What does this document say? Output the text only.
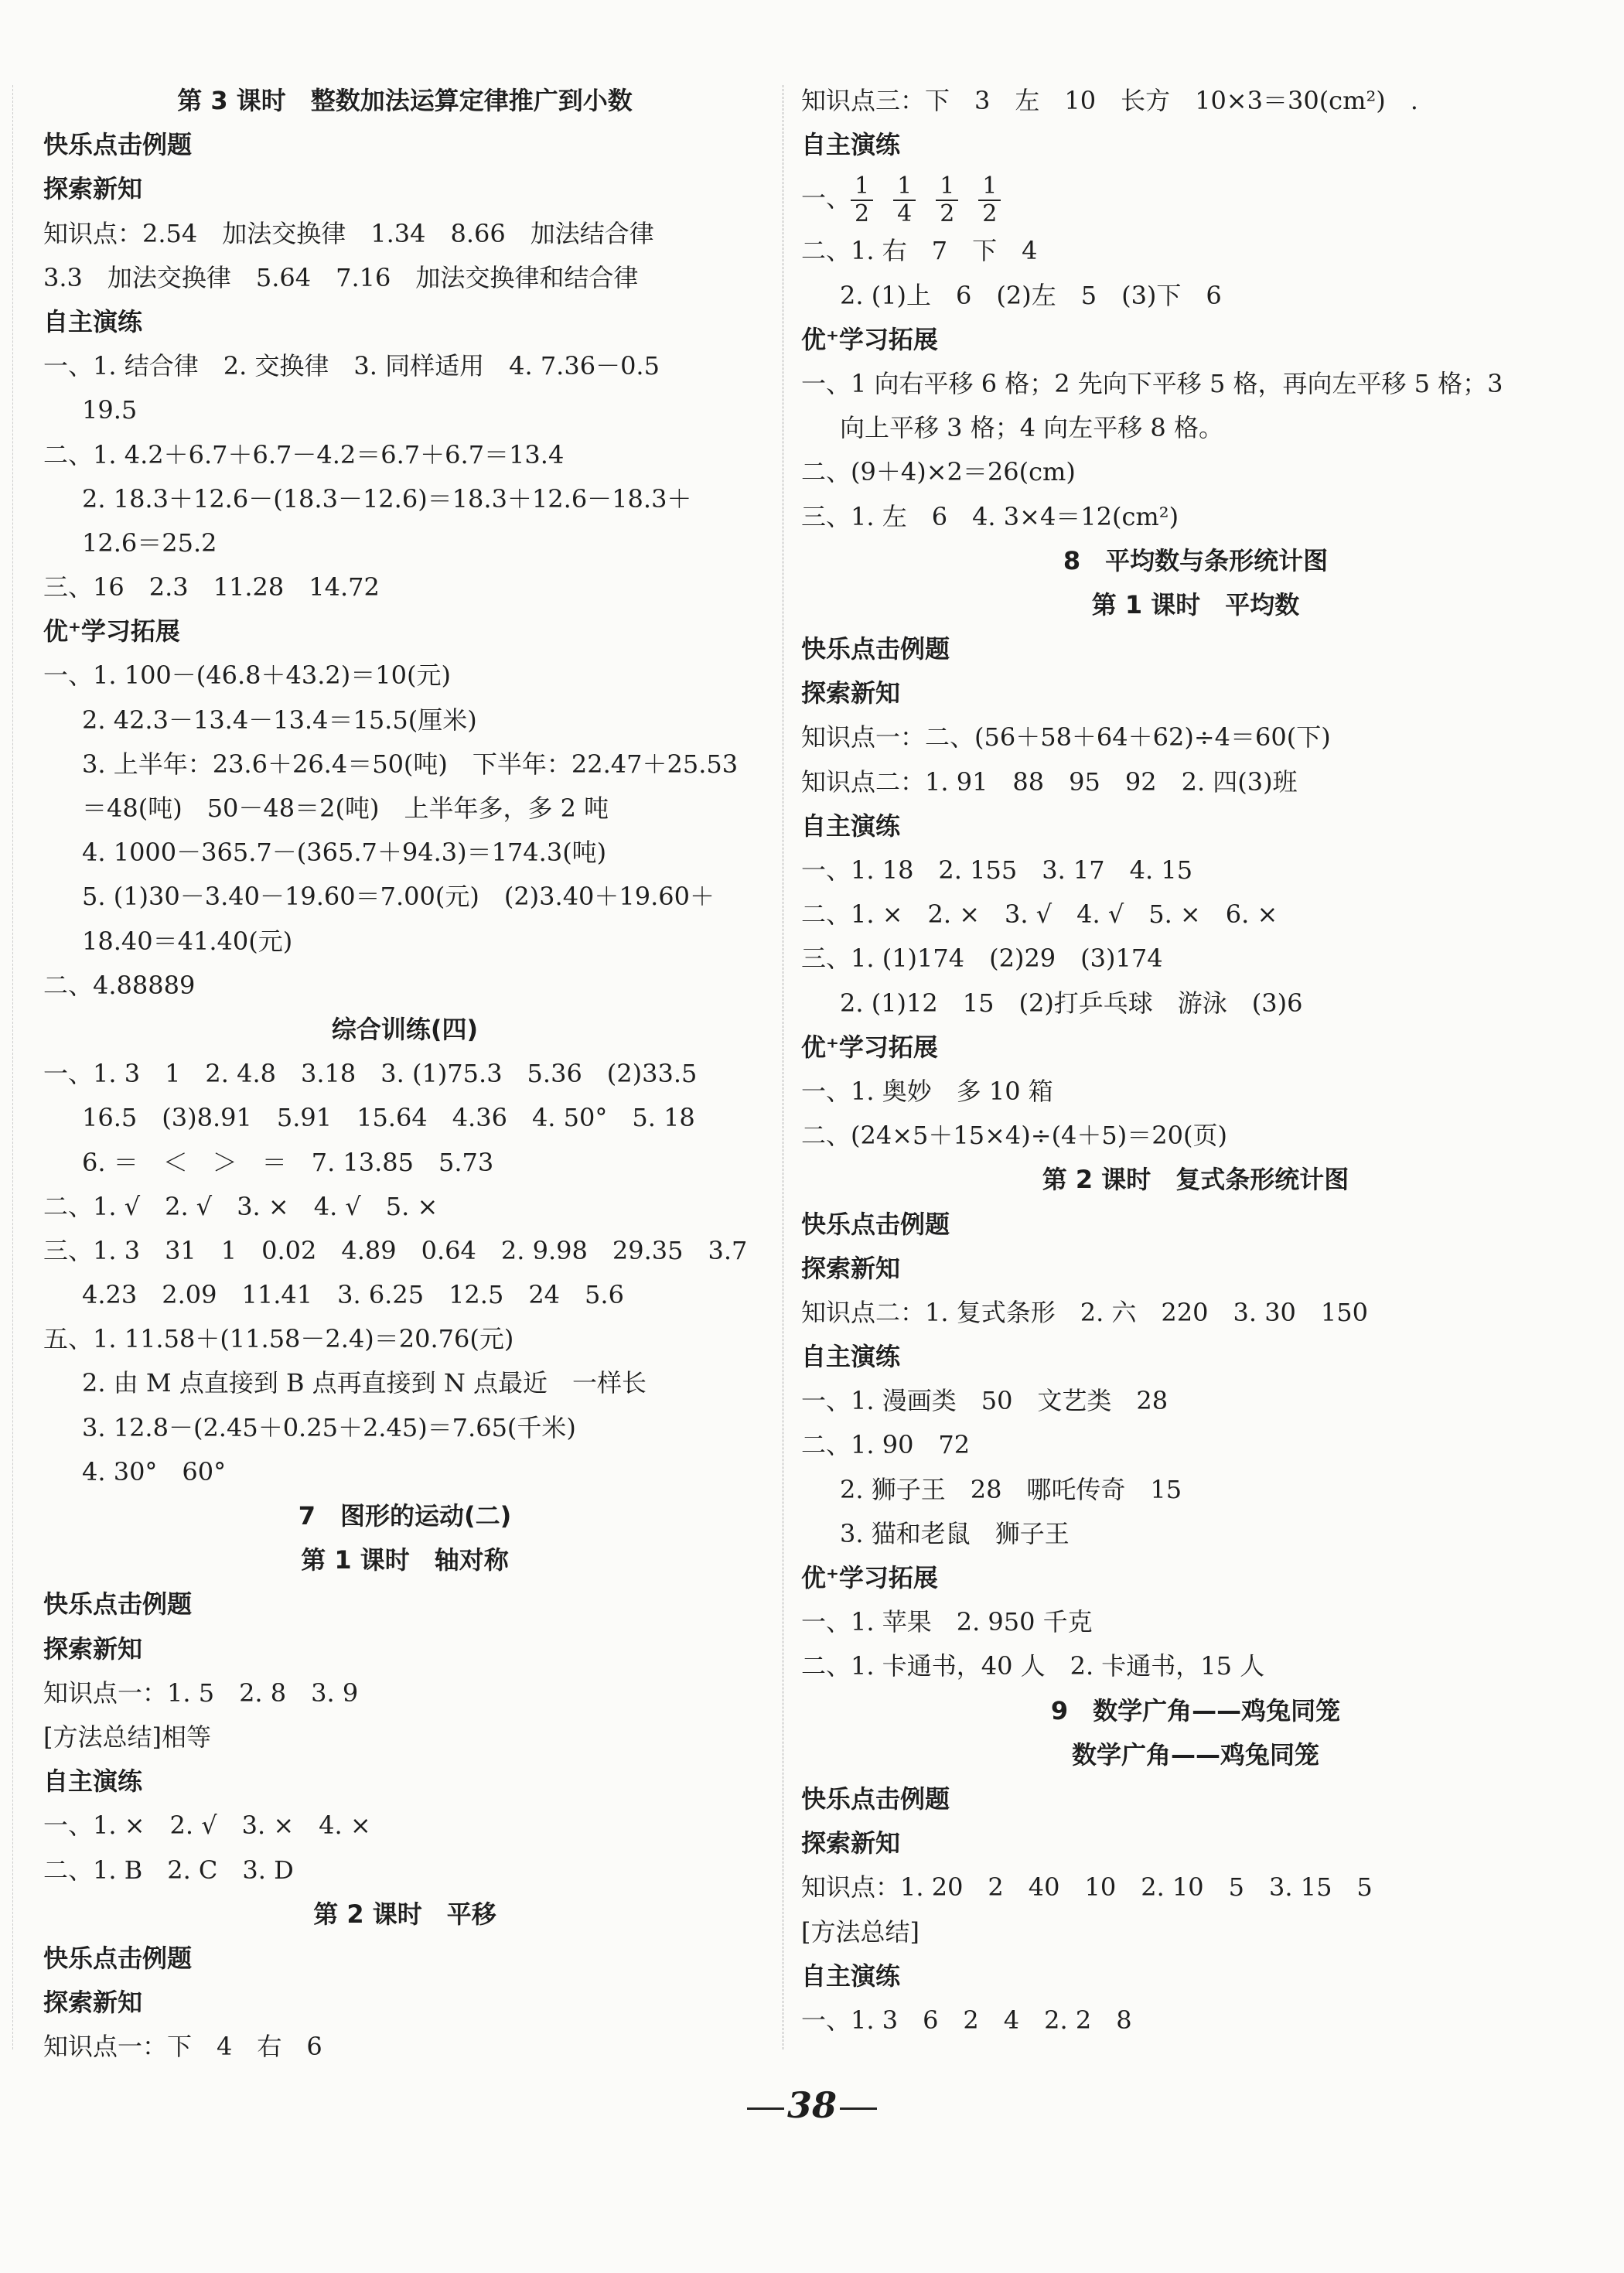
第 3 课时　整数加法运算定律推广到小数
快乐点击例题
探索新知
知识点：2.54　加法交换律　1.34　8.66　加法结合律
3.3　加法交换律　5.64　7.16　加法交换律和结合律
自主演练
一、1. 结合律　2. 交换律　3. 同样适用　4. 7.36－0.5
19.5
二、1. 4.2＋6.7＋6.7－4.2＝6.7＋6.7＝13.4
2. 18.3＋12.6－(18.3－12.6)＝18.3＋12.6－18.3＋
12.6＝25.2
三、16　2.3　11.28　14.72
优⁺学习拓展
一、1. 100－(46.8＋43.2)＝10(元)
2. 42.3－13.4－13.4＝15.5(厘米)
3. 上半年：23.6＋26.4＝50(吨)　下半年：22.47＋25.53
＝48(吨)　50－48＝2(吨)　上半年多，多 2 吨
4. 1000－365.7－(365.7＋94.3)＝174.3(吨)
5. (1)30－3.40－19.60＝7.00(元)　(2)3.40＋19.60＋
18.40＝41.40(元)
二、4.88889
综合训练(四)
一、1. 3　1　2. 4.8　3.18　3. (1)75.3　5.36　(2)33.5
16.5　(3)8.91　5.91　15.64　4.36　4. 50°　5. 18
6. ＝　＜　＞　＝　7. 13.85　5.73
二、1. √　2. √　3. ×　4. √　5. ×
三、1. 3　31　1　0.02　4.89　0.64　2. 9.98　29.35　3.7
4.23　2.09　11.41　3. 6.25　12.5　24　5.6
五、1. 11.58＋(11.58－2.4)＝20.76(元)
2. 由 M 点直接到 B 点再直接到 N 点最近　一样长
3. 12.8－(2.45＋0.25＋2.45)＝7.65(千米)
4. 30°　60°
7　图形的运动(二)
第 1 课时　轴对称
快乐点击例题
探索新知
知识点一：1. 5　2. 8　3. 9
[方法总结]相等
自主演练
一、1. ×　2. √　3. ×　4. ×
二、1. B　2. C　3. D
第 2 课时　平移
快乐点击例题
探索新知
知识点一：下　4　右　6
知识点三：下　3　左　10　长方　10×3＝30(cm²)　.
自主演练
一、 $\frac{1}{2} \frac{1}{4} \frac{1}{2} \frac{1}{2}$
二、1. 右　7　下　4
2. (1)上　6　(2)左　5　(3)下　6
优⁺学习拓展
一、1 向右平移 6 格；2 先向下平移 5 格，再向左平移 5 格；3
向上平移 3 格；4 向左平移 8 格。
二、(9＋4)×2＝26(cm)
三、1. 左　6　4. 3×4＝12(cm²)
8　平均数与条形统计图
第 1 课时　平均数
快乐点击例题
探索新知
知识点一：二、(56＋58＋64＋62)÷4＝60(下)
知识点二：1. 91　88　95　92　2. 四(3)班
自主演练
一、1. 18　2. 155　3. 17　4. 15
二、1. ×　2. ×　3. √　4. √　5. ×　6. ×
三、1. (1)174　(2)29　(3)174
2. (1)12　15　(2)打乒乓球　游泳　(3)6
优⁺学习拓展
一、1. 奥妙　多 10 箱
二、(24×5＋15×4)÷(4＋5)＝20(页)
第 2 课时　复式条形统计图
快乐点击例题
探索新知
知识点二：1. 复式条形　2. 六　220　3. 30　150
自主演练
一、1. 漫画类　50　文艺类　28
二、1. 90　72
2. 狮子王　28　哪吒传奇　15
3. 猫和老鼠　狮子王
优⁺学习拓展
一、1. 苹果　2. 950 千克
二、1. 卡通书，40 人　2. 卡通书，15 人
9　数学广角——鸡兔同笼
数学广角——鸡兔同笼
快乐点击例题
探索新知
知识点：1. 20　2　40　10　2. 10　5　3. 15　5
[方法总结]
自主演练
一、1. 3　6　2　4　2. 2　8
38
